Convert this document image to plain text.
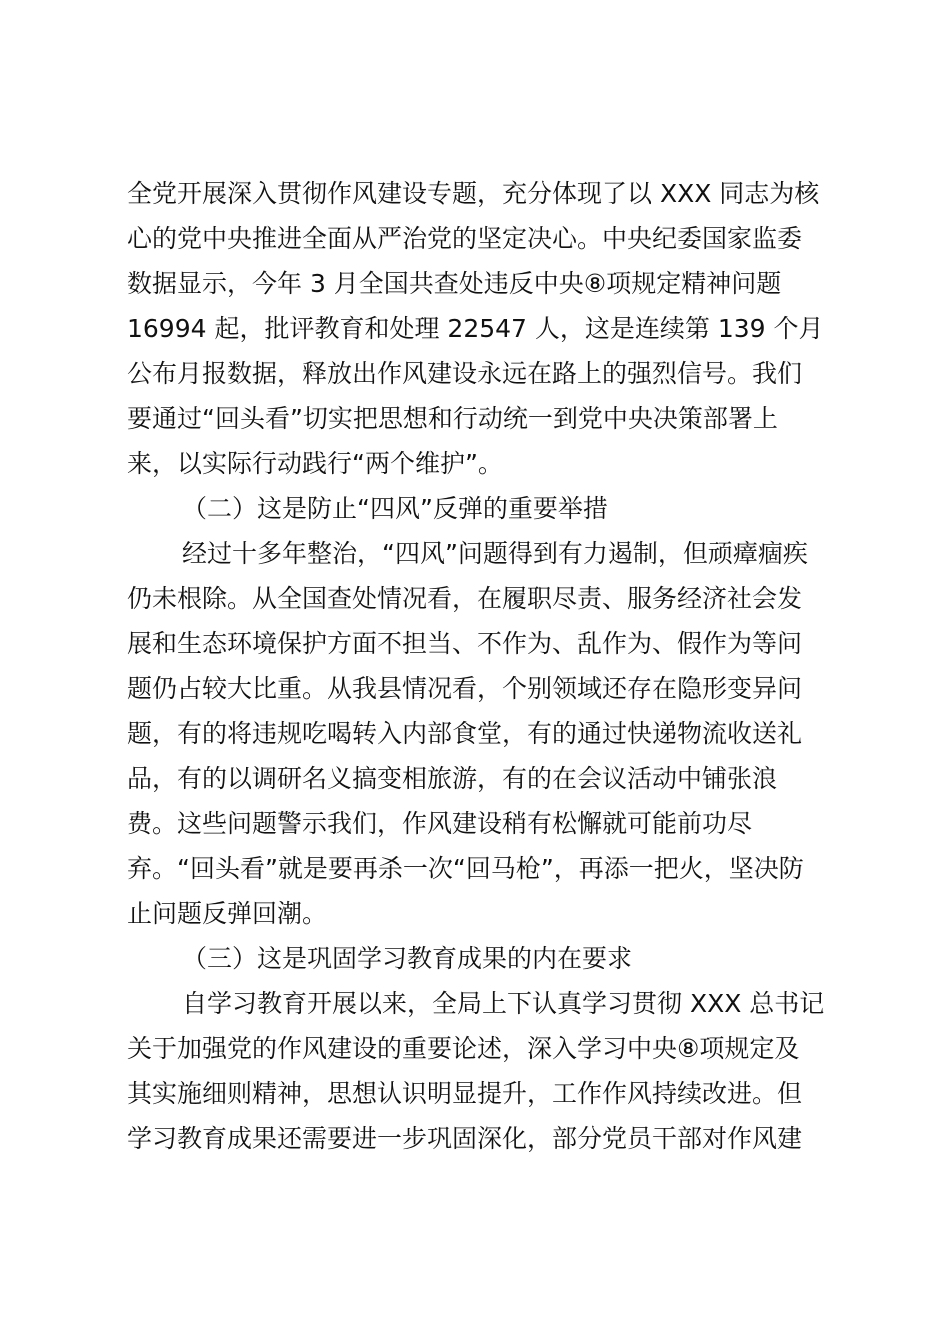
全党开展深入贯彻作风建设专题，充分体现了以 XXX 同志为核
心的党中央推进全面从严治党的坚定决心。中央纪委国家监委
数据显示，今年 3 月全国共查处违反中央⑧项规定精神问题
16994 起，批评教育和处理 22547 人，这是连续第 139 个月
公布月报数据，释放出作风建设永远在路上的强烈信号。我们
要通过“回头看”切实把思想和行动统一到党中央决策部署上
来，以实际行动践行“两个维护”。
（二）这是防止“四风”反弹的重要举措
经过十多年整治，“四风”问题得到有力遏制，但顽瘴痼疾
仍未根除。从全国查处情况看，在履职尽责、服务经济社会发
展和生态环境保护方面不担当、不作为、乱作为、假作为等问
题仍占较大比重。从我县情况看，个别领域还存在隐形变异问
题，有的将违规吃喝转入内部食堂，有的通过快递物流收送礼
品，有的以调研名义搞变相旅游，有的在会议活动中铺张浪
费。这些问题警示我们，作风建设稍有松懈就可能前功尽
弃。“回头看”就是要再杀一次“回马枪”，再添一把火，坚决防
止问题反弹回潮。
（三）这是巩固学习教育成果的内在要求
自学习教育开展以来，全局上下认真学习贯彻 XXX 总书记
关于加强党的作风建设的重要论述，深入学习中央⑧项规定及
其实施细则精神，思想认识明显提升，工作作风持续改进。但
学习教育成果还需要进一步巩固深化，部分党员干部对作风建
